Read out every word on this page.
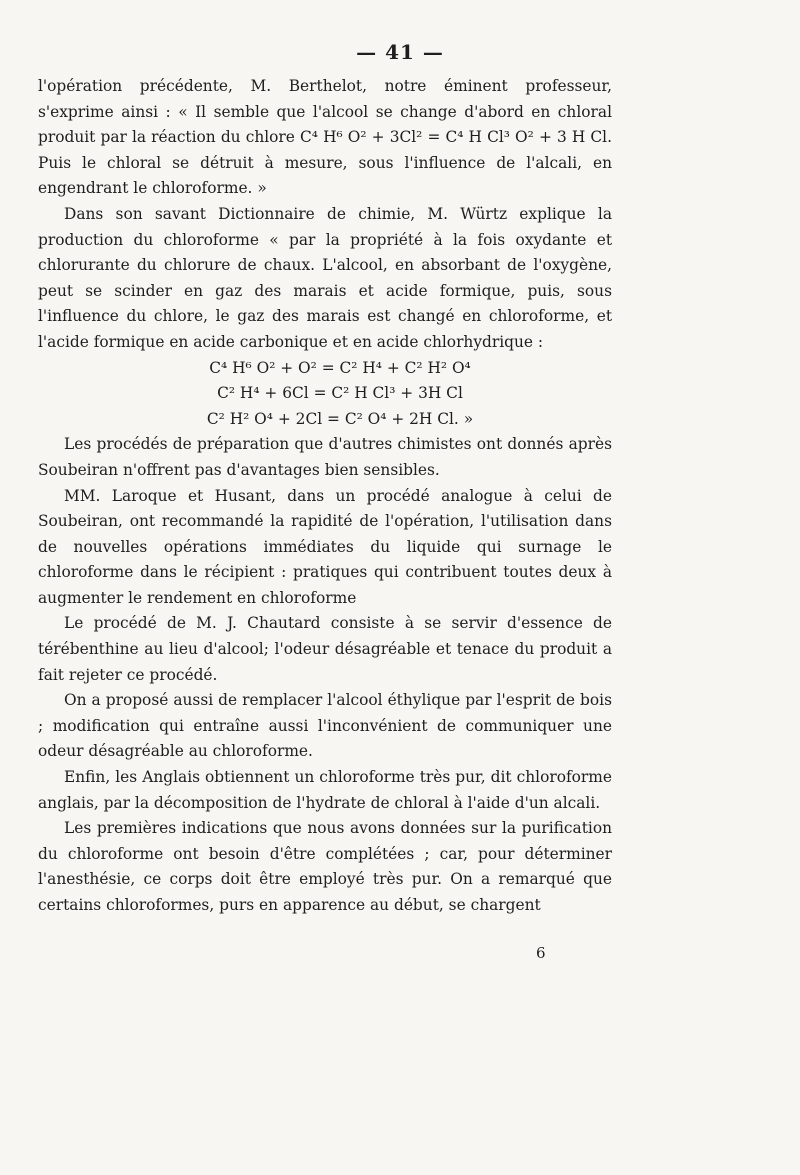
— 41 —

l'opération précédente, M. Berthelot, notre éminent professeur, s'exprime ainsi : « Il semble que l'alcool se change d'abord en chloral produit par la réaction du chlore C⁴ H⁶ O² + 3Cl² = C⁴ H Cl³ O² + 3 H Cl. Puis le chloral se détruit à mesure, sous l'influence de l'alcali, en engendrant le chloroforme. »

Dans son savant Dictionnaire de chimie, M. Würtz explique la production du chloroforme « par la propriété à la fois oxydante et chlorurante du chlorure de chaux. L'alcool, en absorbant de l'oxygène, peut se scinder en gaz des marais et acide formique, puis, sous l'influence du chlore, le gaz des marais est changé en chloroforme, et l'acide formique en acide carbonique et en acide chlorhydrique :

C⁴ H⁶ O² + O² = C² H⁴ + C² H² O⁴

C² H⁴ + 6Cl = C² H Cl³ + 3H Cl

C² H² O⁴ + 2Cl = C² O⁴ + 2H Cl. »

Les procédés de préparation que d'autres chimistes ont donnés après Soubeiran n'offrent pas d'avantages bien sensibles.

MM. Laroque et Husant, dans un procédé analogue à celui de Soubeiran, ont recommandé la rapidité de l'opération, l'utilisation dans de nouvelles opérations immédiates du liquide qui surnage le chloroforme dans le récipient : pratiques qui contribuent toutes deux à augmenter le rendement en chloroforme

Le procédé de M. J. Chautard consiste à se servir d'essence de térébenthine au lieu d'alcool; l'odeur désagréable et tenace du produit a fait rejeter ce procédé.

On a proposé aussi de remplacer l'alcool éthylique par l'esprit de bois ; modification qui entraîne aussi l'inconvénient de communiquer une odeur désagréable au chloroforme.

Enfin, les Anglais obtiennent un chloroforme très pur, dit chloroforme anglais, par la décomposition de l'hydrate de chloral à l'aide d'un alcali.

Les premières indications que nous avons données sur la purification du chloroforme ont besoin d'être complétées ; car, pour déterminer l'anesthésie, ce corps doit être employé très pur. On a remarqué que certains chloroformes, purs en apparence au début, se chargent

6
